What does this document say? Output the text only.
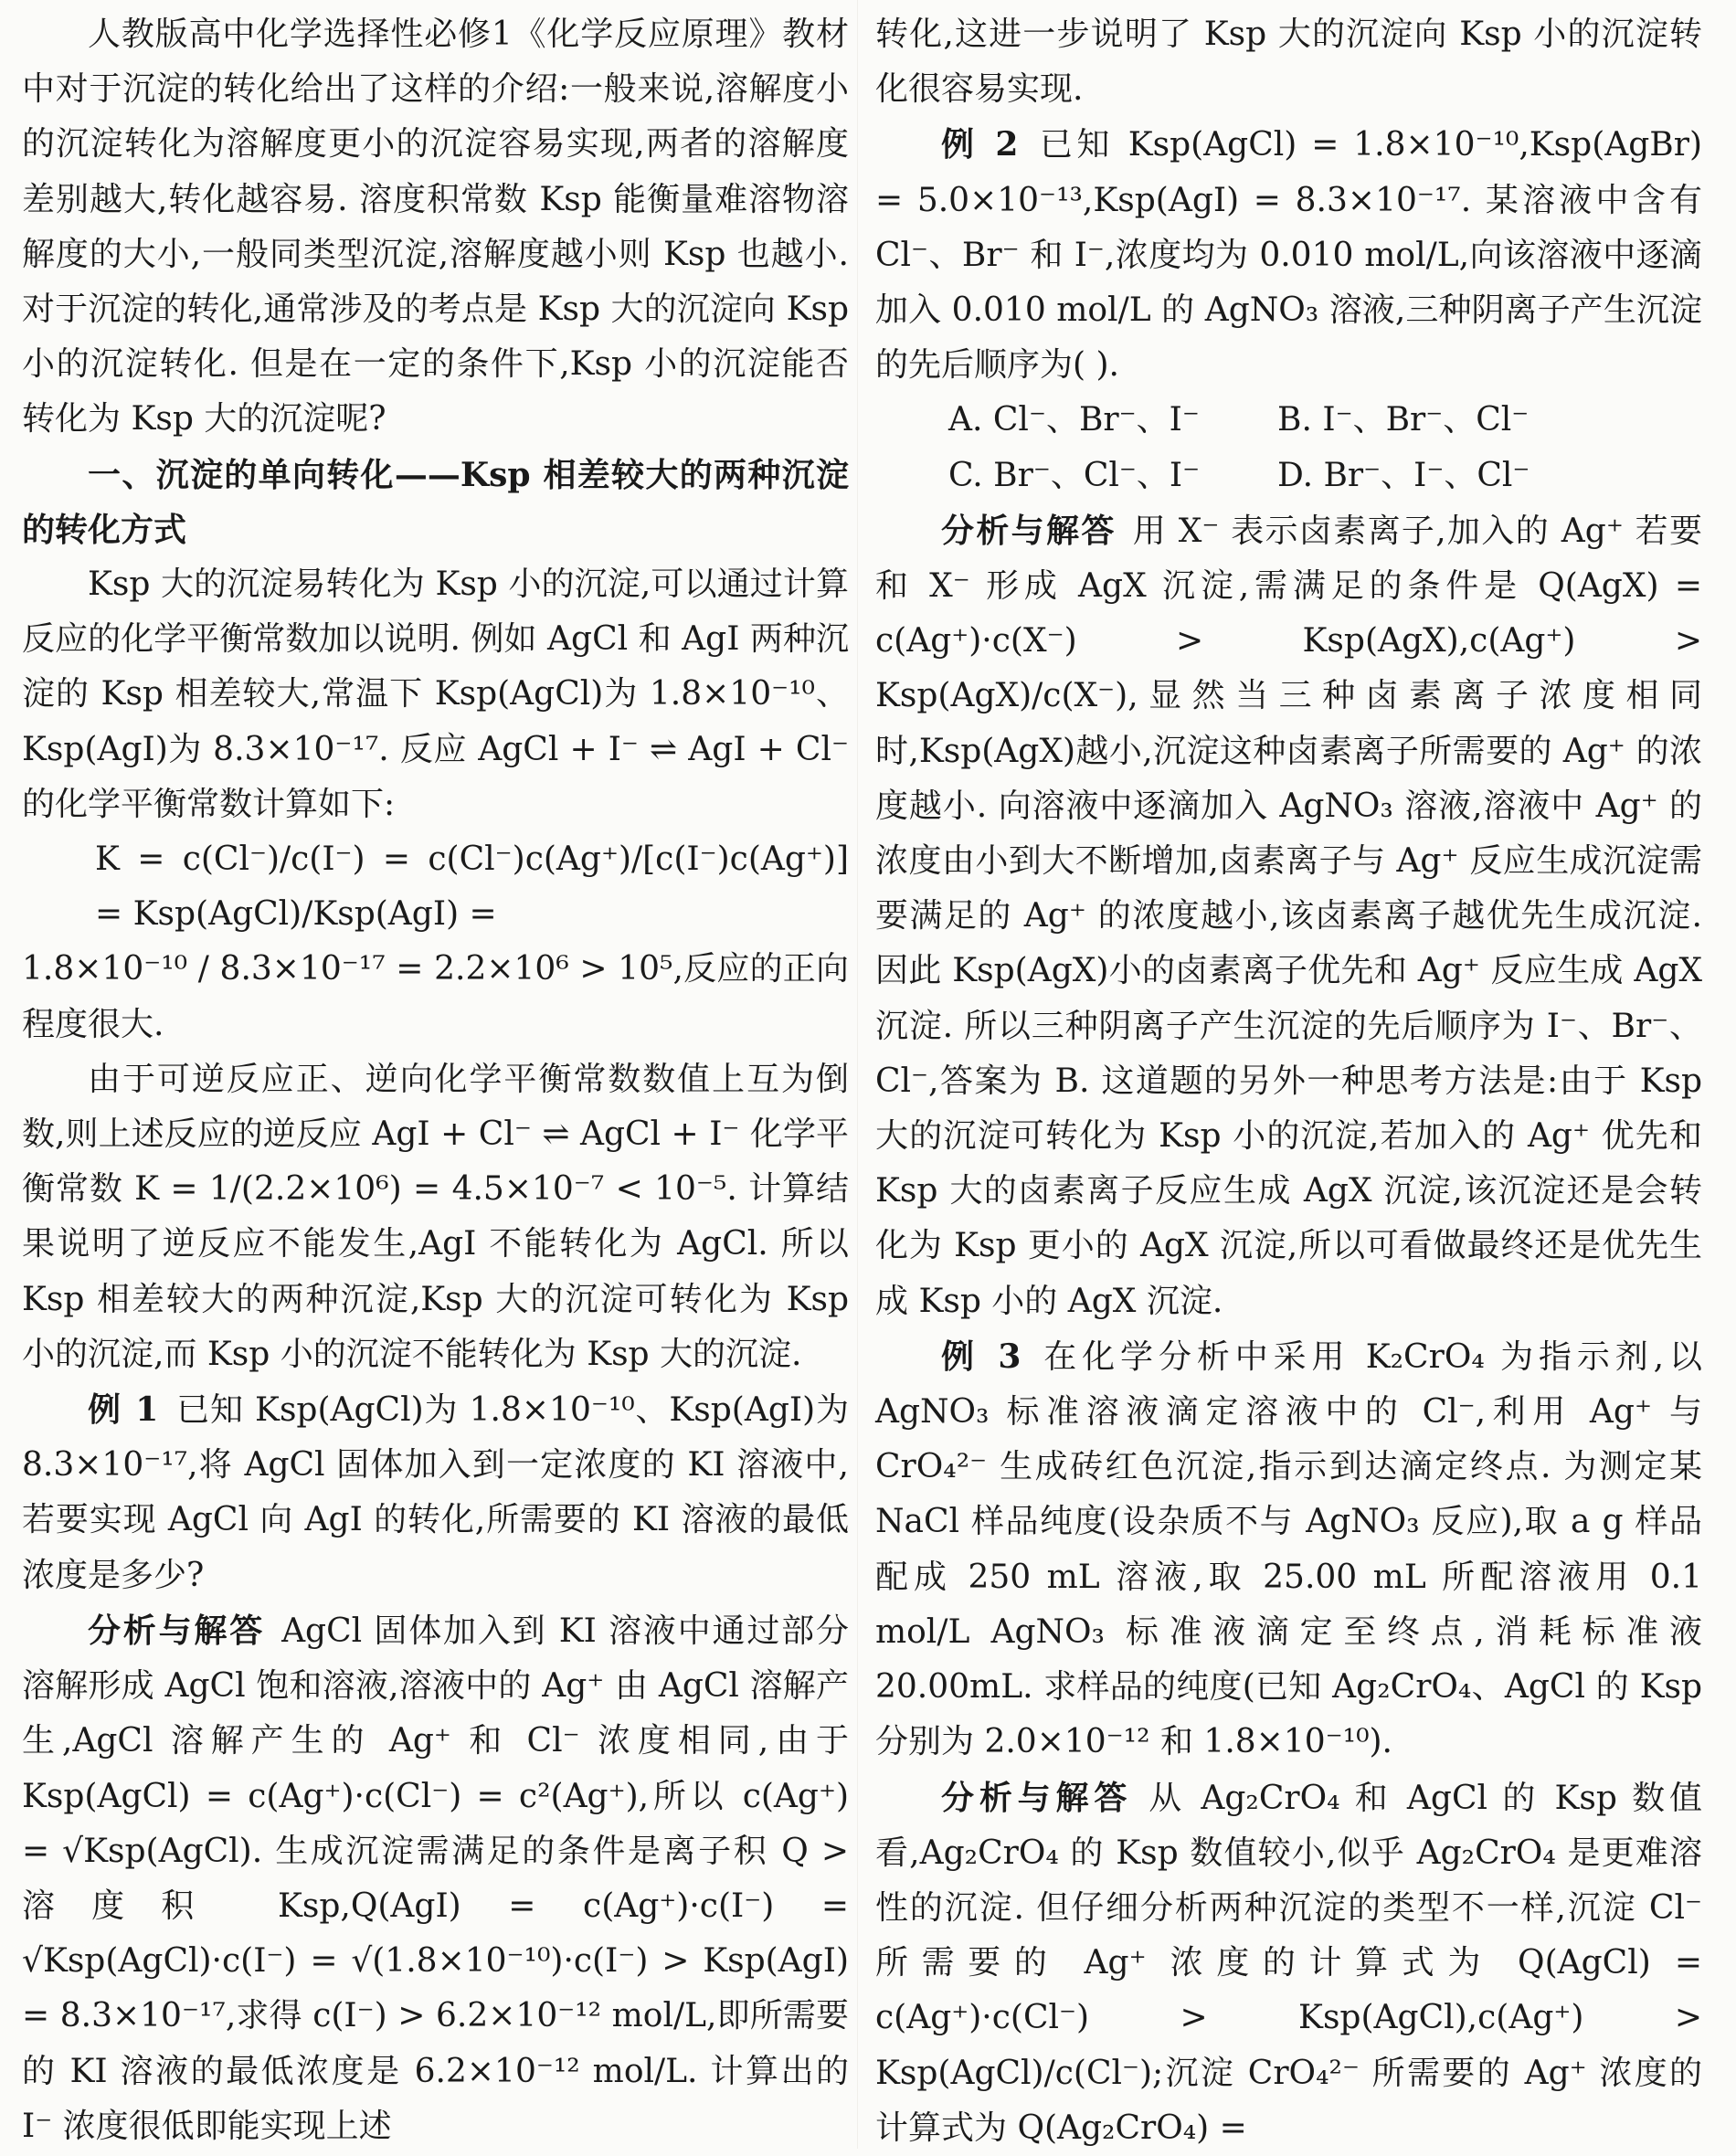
人教版高中化学选择性必修1《化学反应原理》教材中对于沉淀的转化给出了这样的介绍:一般来说,溶解度小的沉淀转化为溶解度更小的沉淀容易实现,两者的溶解度差别越大,转化越容易. 溶度积常数 Ksp 能衡量难溶物溶解度的大小,一般同类型沉淀,溶解度越小则 Ksp 也越小. 对于沉淀的转化,通常涉及的考点是 Ksp 大的沉淀向 Ksp 小的沉淀转化. 但是在一定的条件下,Ksp 小的沉淀能否转化为 Ksp 大的沉淀呢?

一、沉淀的单向转化——Ksp 相差较大的两种沉淀的转化方式

Ksp 大的沉淀易转化为 Ksp 小的沉淀,可以通过计算反应的化学平衡常数加以说明. 例如 AgCl 和 AgI 两种沉淀的 Ksp 相差较大,常温下 Ksp(AgCl)为 1.8×10⁻¹⁰、Ksp(AgI)为 8.3×10⁻¹⁷. 反应 AgCl + I⁻ ⇌ AgI + Cl⁻ 的化学平衡常数计算如下:

K = c(Cl⁻)/c(I⁻) = c(Cl⁻)c(Ag⁺)/[c(I⁻)c(Ag⁺)] = Ksp(AgCl)/Ksp(AgI) =

1.8×10⁻¹⁰ / 8.3×10⁻¹⁷ = 2.2×10⁶ > 10⁵,反应的正向程度很大.

由于可逆反应正、逆向化学平衡常数数值上互为倒数,则上述反应的逆反应 AgI + Cl⁻ ⇌ AgCl + I⁻ 化学平衡常数 K = 1/(2.2×10⁶) = 4.5×10⁻⁷ < 10⁻⁵. 计算结果说明了逆反应不能发生,AgI 不能转化为 AgCl. 所以 Ksp 相差较大的两种沉淀,Ksp 大的沉淀可转化为 Ksp 小的沉淀,而 Ksp 小的沉淀不能转化为 Ksp 大的沉淀.

例 1 已知 Ksp(AgCl)为 1.8×10⁻¹⁰、Ksp(AgI)为 8.3×10⁻¹⁷,将 AgCl 固体加入到一定浓度的 KI 溶液中,若要实现 AgCl 向 AgI 的转化,所需要的 KI 溶液的最低浓度是多少?

分析与解答 AgCl 固体加入到 KI 溶液中通过部分溶解形成 AgCl 饱和溶液,溶液中的 Ag⁺ 由 AgCl 溶解产生,AgCl 溶解产生的 Ag⁺ 和 Cl⁻ 浓度相同,由于 Ksp(AgCl) = c(Ag⁺)·c(Cl⁻) = c²(Ag⁺),所以 c(Ag⁺) = √Ksp(AgCl). 生成沉淀需满足的条件是离子积 Q > 溶度积 Ksp,Q(AgI) = c(Ag⁺)·c(I⁻) = √Ksp(AgCl)·c(I⁻) = √(1.8×10⁻¹⁰)·c(I⁻) > Ksp(AgI) = 8.3×10⁻¹⁷,求得 c(I⁻) > 6.2×10⁻¹² mol/L,即所需要的 KI 溶液的最低浓度是 6.2×10⁻¹² mol/L. 计算出的 I⁻ 浓度很低即能实现上述

转化,这进一步说明了 Ksp 大的沉淀向 Ksp 小的沉淀转化很容易实现.

例 2 已知 Ksp(AgCl) = 1.8×10⁻¹⁰,Ksp(AgBr) = 5.0×10⁻¹³,Ksp(AgI) = 8.3×10⁻¹⁷. 某溶液中含有 Cl⁻、Br⁻ 和 I⁻,浓度均为 0.010 mol/L,向该溶液中逐滴加入 0.010 mol/L 的 AgNO₃ 溶液,三种阴离子产生沉淀的先后顺序为( ).

A. Cl⁻、Br⁻、I⁻	B. I⁻、Br⁻、Cl⁻
C. Br⁻、Cl⁻、I⁻	D. Br⁻、I⁻、Cl⁻

分析与解答 用 X⁻ 表示卤素离子,加入的 Ag⁺ 若要和 X⁻ 形成 AgX 沉淀,需满足的条件是 Q(AgX) = c(Ag⁺)·c(X⁻) > Ksp(AgX),c(Ag⁺) > Ksp(AgX)/c(X⁻),显然当三种卤素离子浓度相同时,Ksp(AgX)越小,沉淀这种卤素离子所需要的 Ag⁺ 的浓度越小. 向溶液中逐滴加入 AgNO₃ 溶液,溶液中 Ag⁺ 的浓度由小到大不断增加,卤素离子与 Ag⁺ 反应生成沉淀需要满足的 Ag⁺ 的浓度越小,该卤素离子越优先生成沉淀. 因此 Ksp(AgX)小的卤素离子优先和 Ag⁺ 反应生成 AgX 沉淀. 所以三种阴离子产生沉淀的先后顺序为 I⁻、Br⁻、Cl⁻,答案为 B. 这道题的另外一种思考方法是:由于 Ksp 大的沉淀可转化为 Ksp 小的沉淀,若加入的 Ag⁺ 优先和 Ksp 大的卤素离子反应生成 AgX 沉淀,该沉淀还是会转化为 Ksp 更小的 AgX 沉淀,所以可看做最终还是优先生成 Ksp 小的 AgX 沉淀.

例 3 在化学分析中采用 K₂CrO₄ 为指示剂,以 AgNO₃ 标准溶液滴定溶液中的 Cl⁻,利用 Ag⁺ 与 CrO₄²⁻ 生成砖红色沉淀,指示到达滴定终点. 为测定某 NaCl 样品纯度(设杂质不与 AgNO₃ 反应),取 a g 样品配成 250 mL 溶液,取 25.00 mL 所配溶液用 0.1 mol/L AgNO₃ 标准液滴定至终点,消耗标准液 20.00mL. 求样品的纯度(已知 Ag₂CrO₄、AgCl 的 Ksp 分别为 2.0×10⁻¹² 和 1.8×10⁻¹⁰).

分析与解答 从 Ag₂CrO₄ 和 AgCl 的 Ksp 数值看,Ag₂CrO₄ 的 Ksp 数值较小,似乎 Ag₂CrO₄ 是更难溶性的沉淀. 但仔细分析两种沉淀的类型不一样,沉淀 Cl⁻ 所需要的 Ag⁺ 浓度的计算式为 Q(AgCl) = c(Ag⁺)·c(Cl⁻) > Ksp(AgCl),c(Ag⁺) > Ksp(AgCl)/c(Cl⁻);沉淀 CrO₄²⁻ 所需要的 Ag⁺ 浓度的计算式为 Q(Ag₂CrO₄) =
